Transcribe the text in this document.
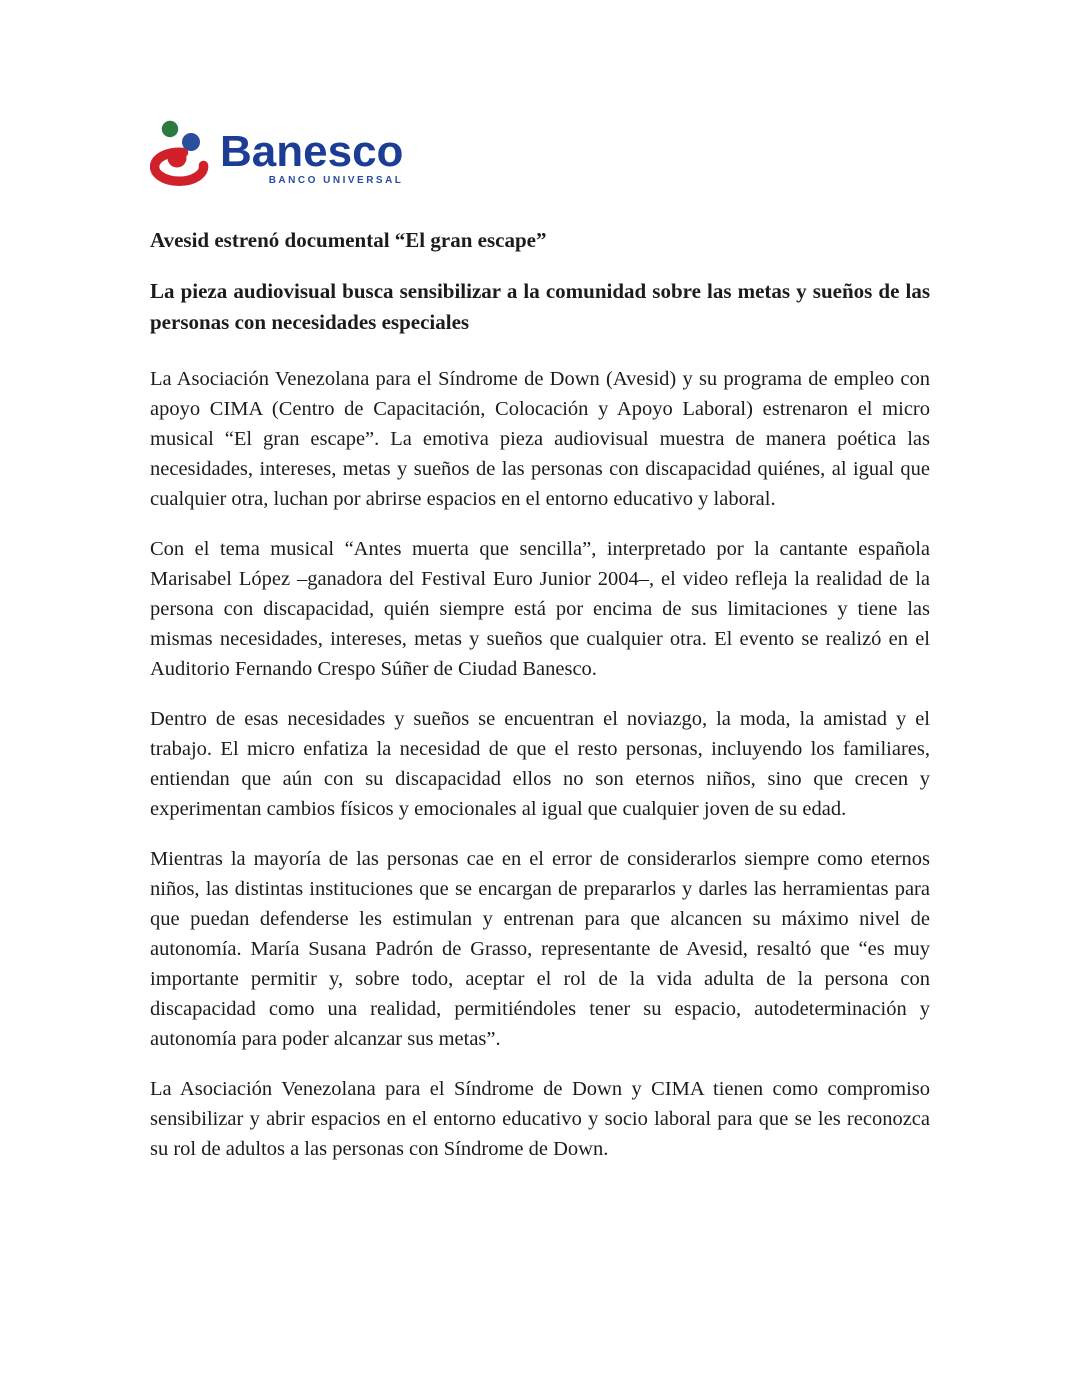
Banesco
BANCO UNIVERSAL
Avesid estrenó documental “El gran escape”
La pieza audiovisual busca sensibilizar a la comunidad sobre las metas y sueños de las personas con necesidades especiales

La Asociación Venezolana para el Síndrome de Down (Avesid) y su programa de empleo con apoyo CIMA (Centro de Capacitación, Colocación y Apoyo Laboral) estrenaron el micro musical “El gran escape”. La emotiva pieza audiovisual muestra de manera poética las necesidades, intereses, metas y sueños de las personas con discapacidad quiénes, al igual que cualquier otra, luchan por abrirse espacios en el entorno educativo y laboral.

Con el tema musical “Antes muerta que sencilla”, interpretado por la cantante española Marisabel López –ganadora del Festival Euro Junior 2004–, el video refleja la realidad de la persona con discapacidad, quién siempre está por encima de sus limitaciones y tiene las mismas necesidades, intereses, metas y sueños que cualquier otra. El evento se realizó en el Auditorio Fernando Crespo Súñer de Ciudad Banesco.

Dentro de esas necesidades y sueños se encuentran el noviazgo, la moda, la amistad y el trabajo. El micro enfatiza la necesidad de que el resto personas, incluyendo los familiares, entiendan que aún con su discapacidad ellos no son eternos niños, sino que crecen y experimentan cambios físicos y emocionales al igual que cualquier joven de su edad.

Mientras la mayoría de las personas cae en el error de considerarlos siempre como eternos niños, las distintas instituciones que se encargan de prepararlos y darles las herramientas para que puedan defenderse les estimulan y entrenan para que alcancen su máximo nivel de autonomía. María Susana Padrón de Grasso, representante de Avesid, resaltó que “es muy importante permitir y, sobre todo, aceptar el rol de la vida adulta de la persona con discapacidad como una realidad, permitiéndoles tener su espacio, autodeterminación y autonomía para poder alcanzar sus metas”.

La Asociación Venezolana para el Síndrome de Down y CIMA tienen como compromiso sensibilizar y abrir espacios en el entorno educativo y socio laboral para que se les reconozca su rol de adultos a las personas con Síndrome de Down.
